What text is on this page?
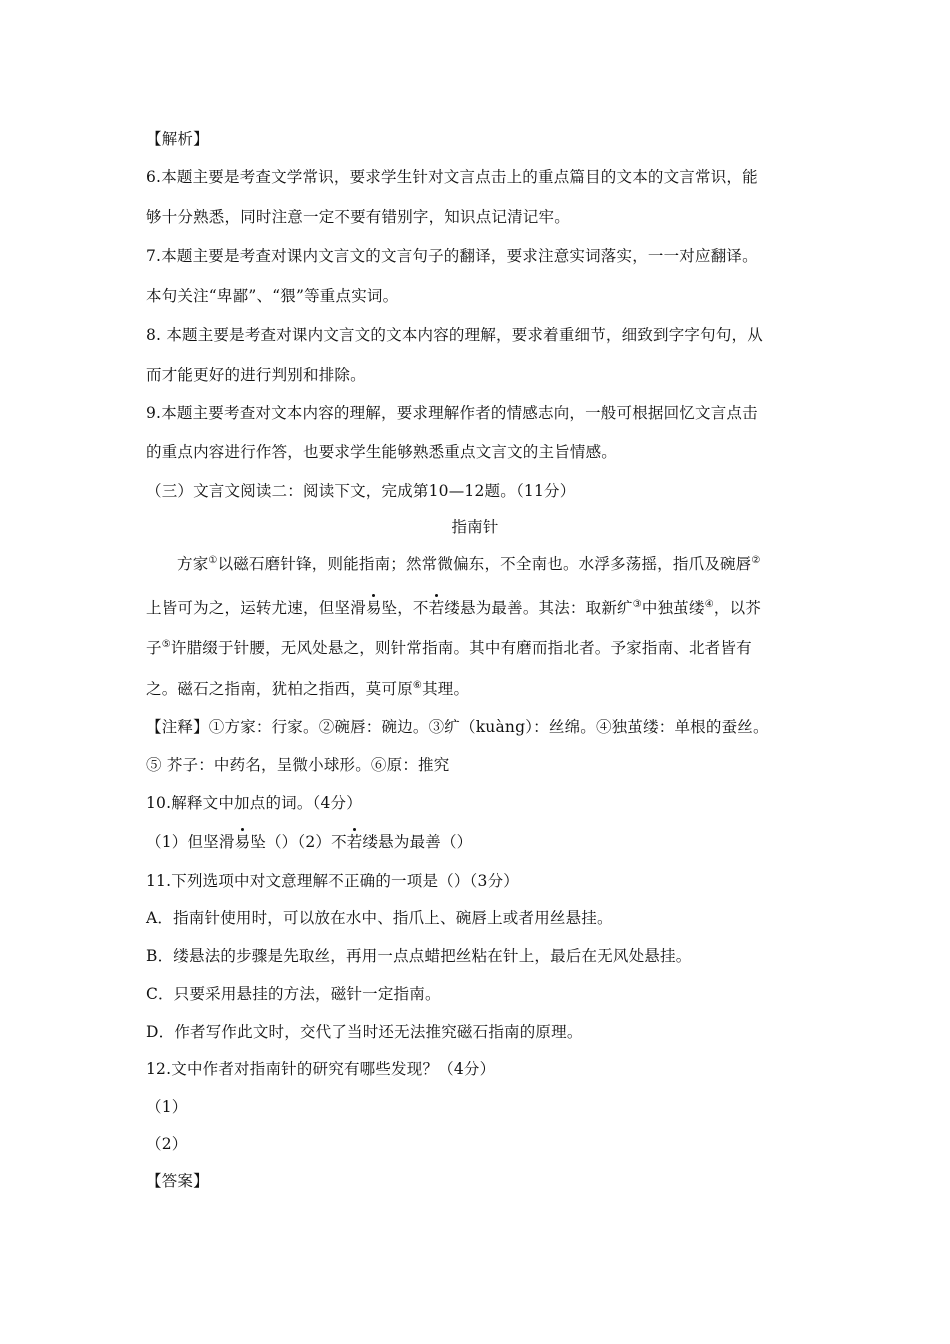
【解析】
6.本题主要是考查文学常识，要求学生针对文言点击上的重点篇目的文本的文言常识，能
够十分熟悉，同时注意一定不要有错别字，知识点记清记牢。
7.本题主要是考查对课内文言文的文言句子的翻译，要求注意实词落实，一一对应翻译。
本句关注“卑鄙”、“猥”等重点实词。
8. 本题主要是考查对课内文言文的文本内容的理解，要求着重细节，细致到字字句句，从
而才能更好的进行判别和排除。
9.本题主要考查对文本内容的理解，要求理解作者的情感志向，一般可根据回忆文言点击
的重点内容进行作答，也要求学生能够熟悉重点文言文的主旨情感。
（三）文言文阅读二：阅读下文，完成第10—12题。（11分）
指南针
方家①以磁石磨针锋，则能指南；然常微偏东，不全南也。水浮多荡摇，指爪及碗唇②
上皆可为之，运转尤速，但坚滑易坠，不若缕悬为最善。其法：取新纩③中独茧缕④，以芥
子⑤许腊缀于针腰，无风处悬之，则针常指南。其中有磨而指北者。予家指南、北者皆有
之。磁石之指南，犹柏之指西，莫可原⑥其理。
【注释】①方家：行家。②碗唇：碗边。③纩（kuàng）：丝绵。④独茧缕：单根的蚕丝。
⑤ 芥子：中药名，呈微小球形。⑥原：推究
10.解释文中加点的词。（4分）
（1）但坚滑易坠（）（2）不若缕悬为最善（）
11.下列选项中对文意理解不正确的一项是（）（3分）
A．指南针使用时，可以放在水中、指爪上、碗唇上或者用丝悬挂。
B．缕悬法的步骤是先取丝，再用一点点蜡把丝粘在针上，最后在无风处悬挂。
C．只要采用悬挂的方法，磁针一定指南。
D．作者写作此文时，交代了当时还无法推究磁石指南的原理。
12.文中作者对指南针的研究有哪些发现？（4分）
（1）
（2）
【答案】
